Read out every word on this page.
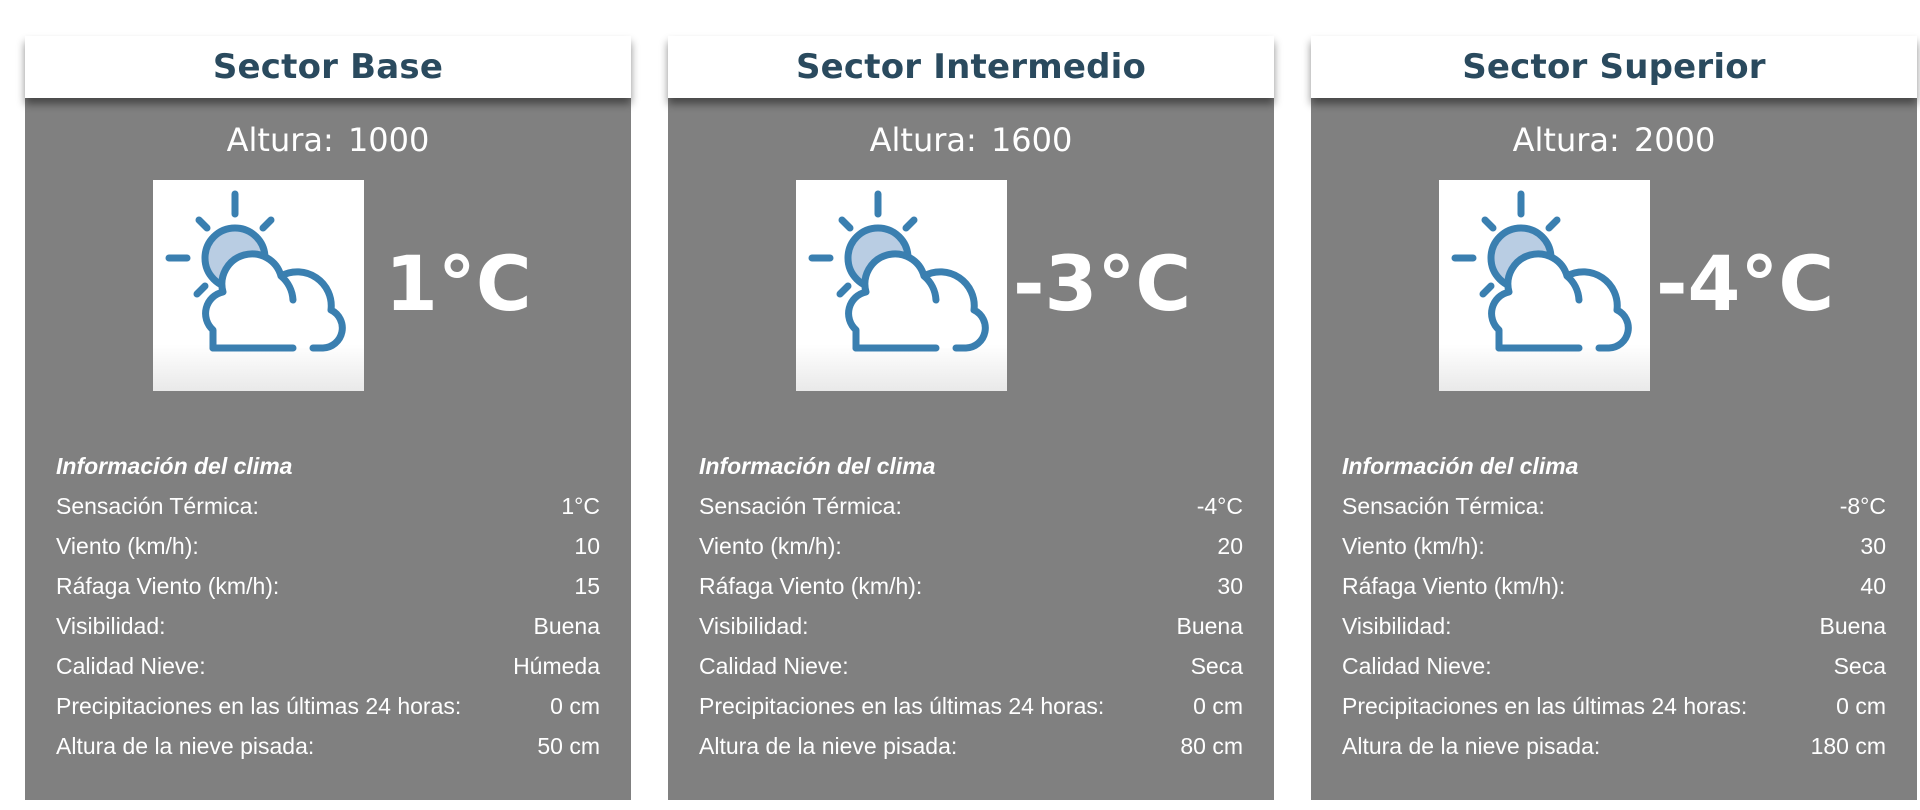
Sector Base
Altura: 1000
1°C
Información del clima
Sensación Térmica:	1°C
Viento (km/h):	10
Ráfaga Viento (km/h):	15
Visibilidad:	Buena
Calidad Nieve:	Húmeda
Precipitaciones en las últimas 24 horas:	0 cm
Altura de la nieve pisada:	50 cm
Sector Intermedio
Altura: 1600
-3°C
Información del clima
Sensación Térmica:	-4°C
Viento (km/h):	20
Ráfaga Viento (km/h):	30
Visibilidad:	Buena
Calidad Nieve:	Seca
Precipitaciones en las últimas 24 horas:	0 cm
Altura de la nieve pisada:	80 cm
Sector Superior
Altura: 2000
-4°C
Información del clima
Sensación Térmica:	-8°C
Viento (km/h):	30
Ráfaga Viento (km/h):	40
Visibilidad:	Buena
Calidad Nieve:	Seca
Precipitaciones en las últimas 24 horas:	0 cm
Altura de la nieve pisada:	180 cm
